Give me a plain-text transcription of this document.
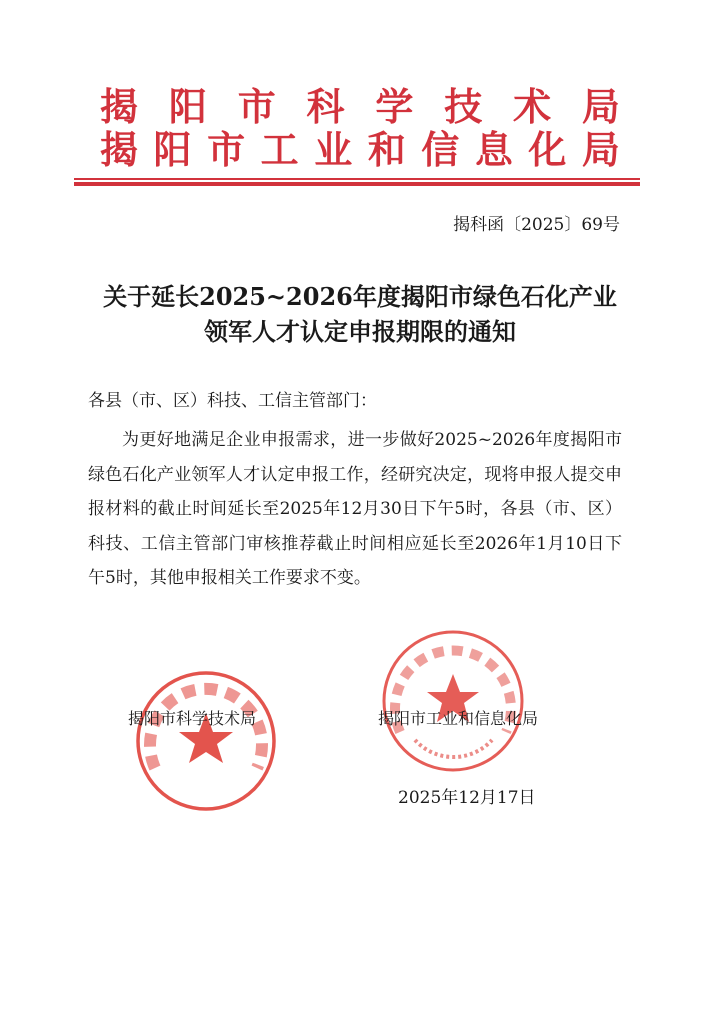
揭 阳 市 科 学 技 术 局
揭 阳 市 工 业 和 信 息 化 局
揭科函〔2025〕69号
关于延长2025~2026年度揭阳市绿色石化产业
领军人才认定申报期限的通知
各县（市、区）科技、工信主管部门：

为更好地满足企业申报需求，进一步做好2025~2026年度揭阳市绿色石化产业领军人才认定申报工作，经研究决定，现将申报人提交申报材料的截止时间延长至2025年12月30日下午5时，各县（市、区）科技、工信主管部门审核推荐截止时间相应延长至2026年1月10日下午5时，其他申报相关工作要求不变。

揭阳市科学技术局	揭阳市工业和信息化局
2025年12月17日
